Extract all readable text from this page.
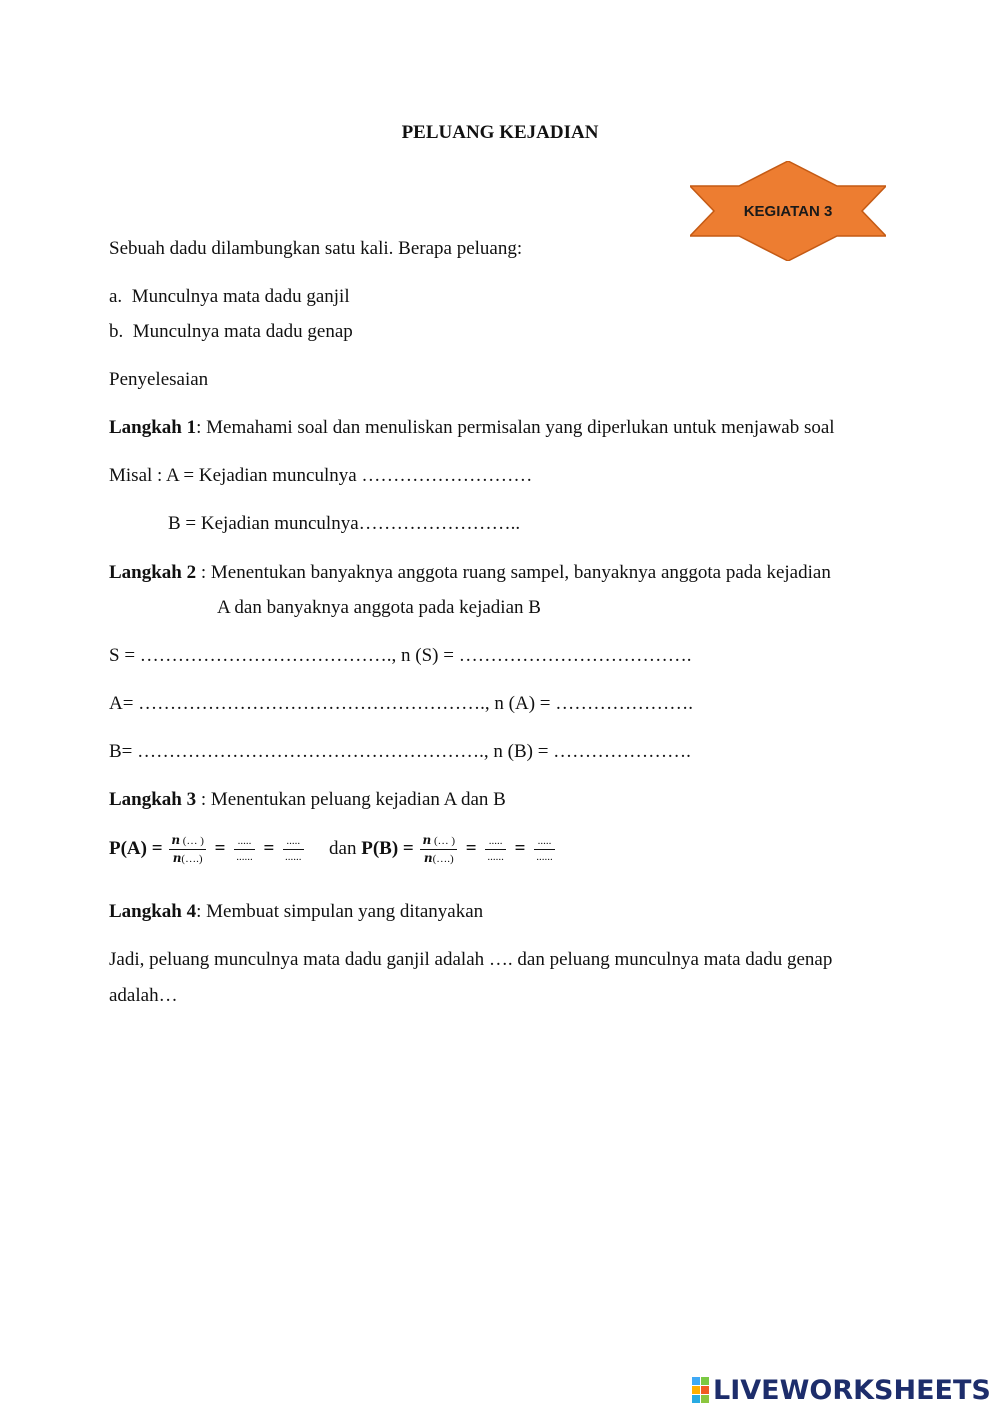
PELUANG KEJADIAN
KEGIATAN 3
Sebuah dadu dilambungkan satu kali. Berapa peluang:
a. Munculnya mata dadu ganjil
b. Munculnya mata dadu genap
Penyelesaian
Langkah 1: Memahami soal dan menuliskan permisalan yang diperlukan untuk menjawab soal
Misal : A = Kejadian munculnya ………………………
B = Kejadian munculnya……………………..
Langkah 2 : Menentukan banyaknya anggota ruang sampel, banyaknya anggota pada kejadian
A dan banyaknya anggota pada kejadian B
S = …………………………………., n (S) = ……………………………….
A= ………………………………………………., n (A) = ………………….
B= ………………………………………………., n (B) = ………………….
Langkah 3 : Menentukan peluang kejadian A dan B
$P(A) = \frac{n (\dots )}{n(\dots.)} = \frac{.....}{......} = \frac{.....}{......}$ dan $P(B) = \frac{n (\dots )}{n(\dots.)} = \frac{.....}{......} = \frac{.....}{......}$
Langkah 4: Membuat simpulan yang ditanyakan
Jadi, peluang munculnya mata dadu ganjil adalah …. dan peluang munculnya mata dadu genap
adalah…
LIVEWORKSHEETS
